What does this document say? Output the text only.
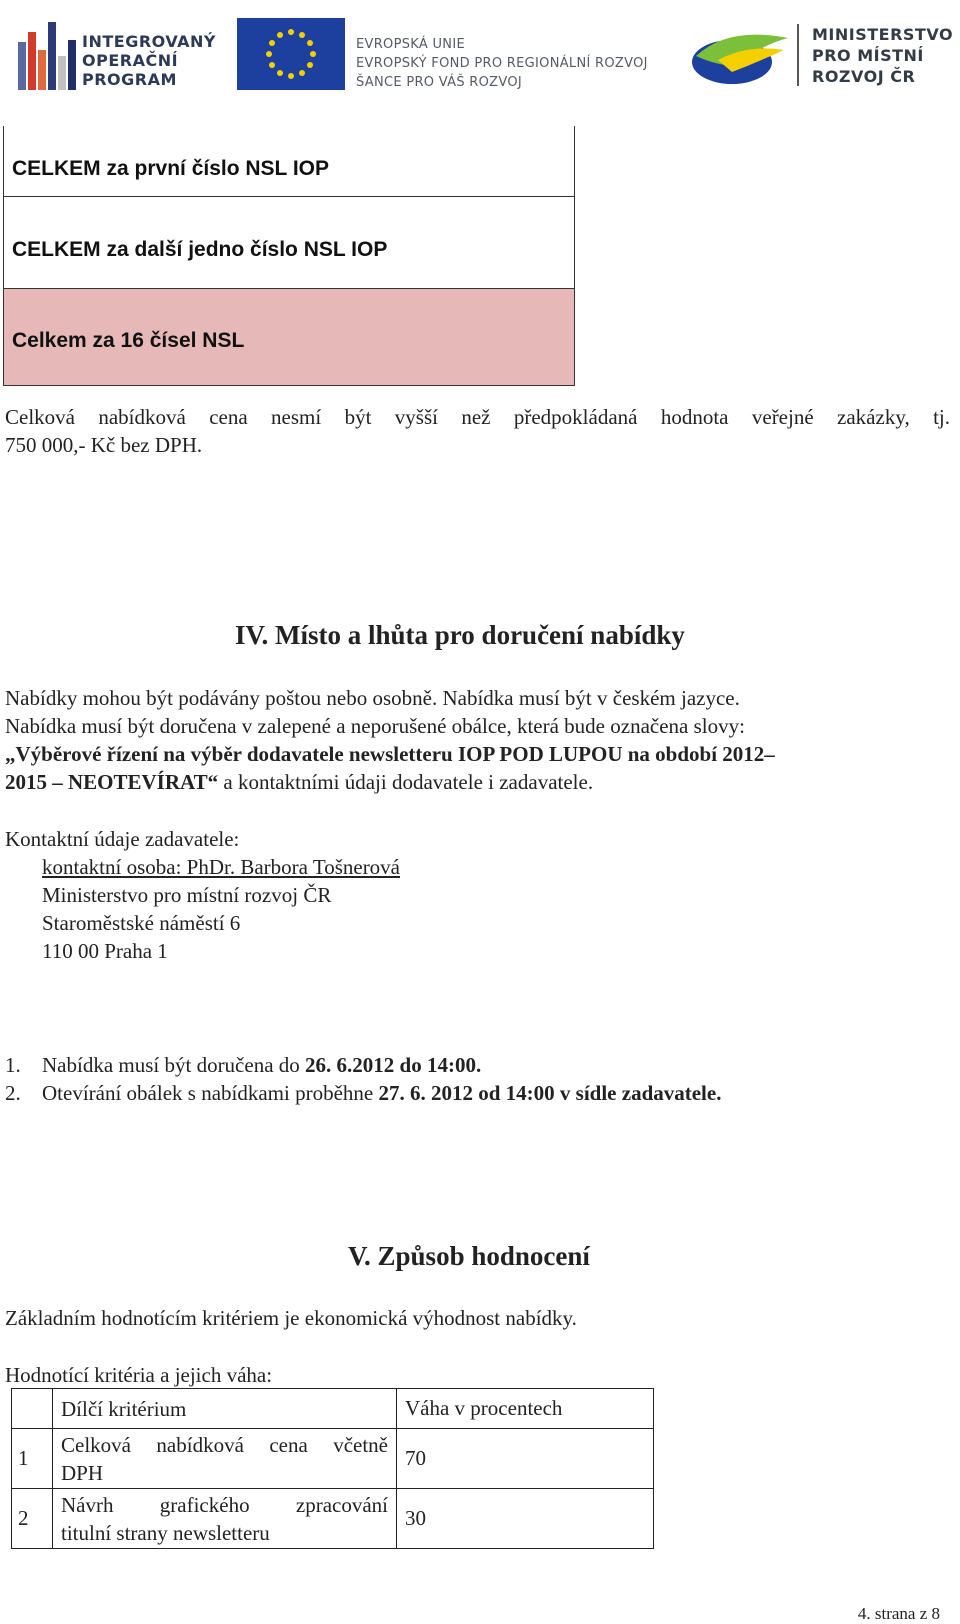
INTEGROVANÝ
OPERAČNÍ
PROGRAM
EVROPSKÁ UNIE
EVROPSKÝ FOND PRO REGIONÁLNÍ ROZVOJ
ŠANCE PRO VÁŠ ROZVOJ
MINISTERSTVO
PRO MÍSTNÍ
ROZVOJ ČR
CELKEM za první číslo NSL IOP
CELKEM za další jedno číslo NSL IOP
Celkem za 16 čísel NSL
Celková nabídková cena nesmí být vyšší než předpokládaná hodnota veřejné zakázky, tj.
750 000,- Kč bez DPH.
IV. Místo a lhůta pro doručení nabídky
Nabídky mohou být podávány poštou nebo osobně. Nabídka musí být v českém jazyce.
Nabídka musí být doručena v zalepené a neporušené obálce, která bude označena slovy:
„Výběrové řízení na výběr dodavatele newsletteru IOP POD LUPOU na období 2012–
2015 – NEOTEVÍRAT“ a kontaktními údaji dodavatele i zadavatele.
Kontaktní údaje zadavatele:
kontaktní osoba: PhDr. Barbora Tošnerová
Ministerstvo pro místní rozvoj ČR
Staroměstské náměstí 6
110 00 Praha 1
1. Nabídka musí být doručena do 26. 6.2012 do 14:00.
2. Otevírání obálek s nabídkami proběhne 27. 6. 2012 od 14:00 v sídle zadavatele.
V. Způsob hodnocení
Základním hodnotícím kritériem je ekonomická výhodnost nabídky.
Hodnotící kritéria a jejich váha:
	Dílčí kritérium	Váha v procentech
1	Celková nabídková cena včetně
DPH	70
2	Návrh grafického zpracování
titulní strany newsletteru	30
4. strana z 8
